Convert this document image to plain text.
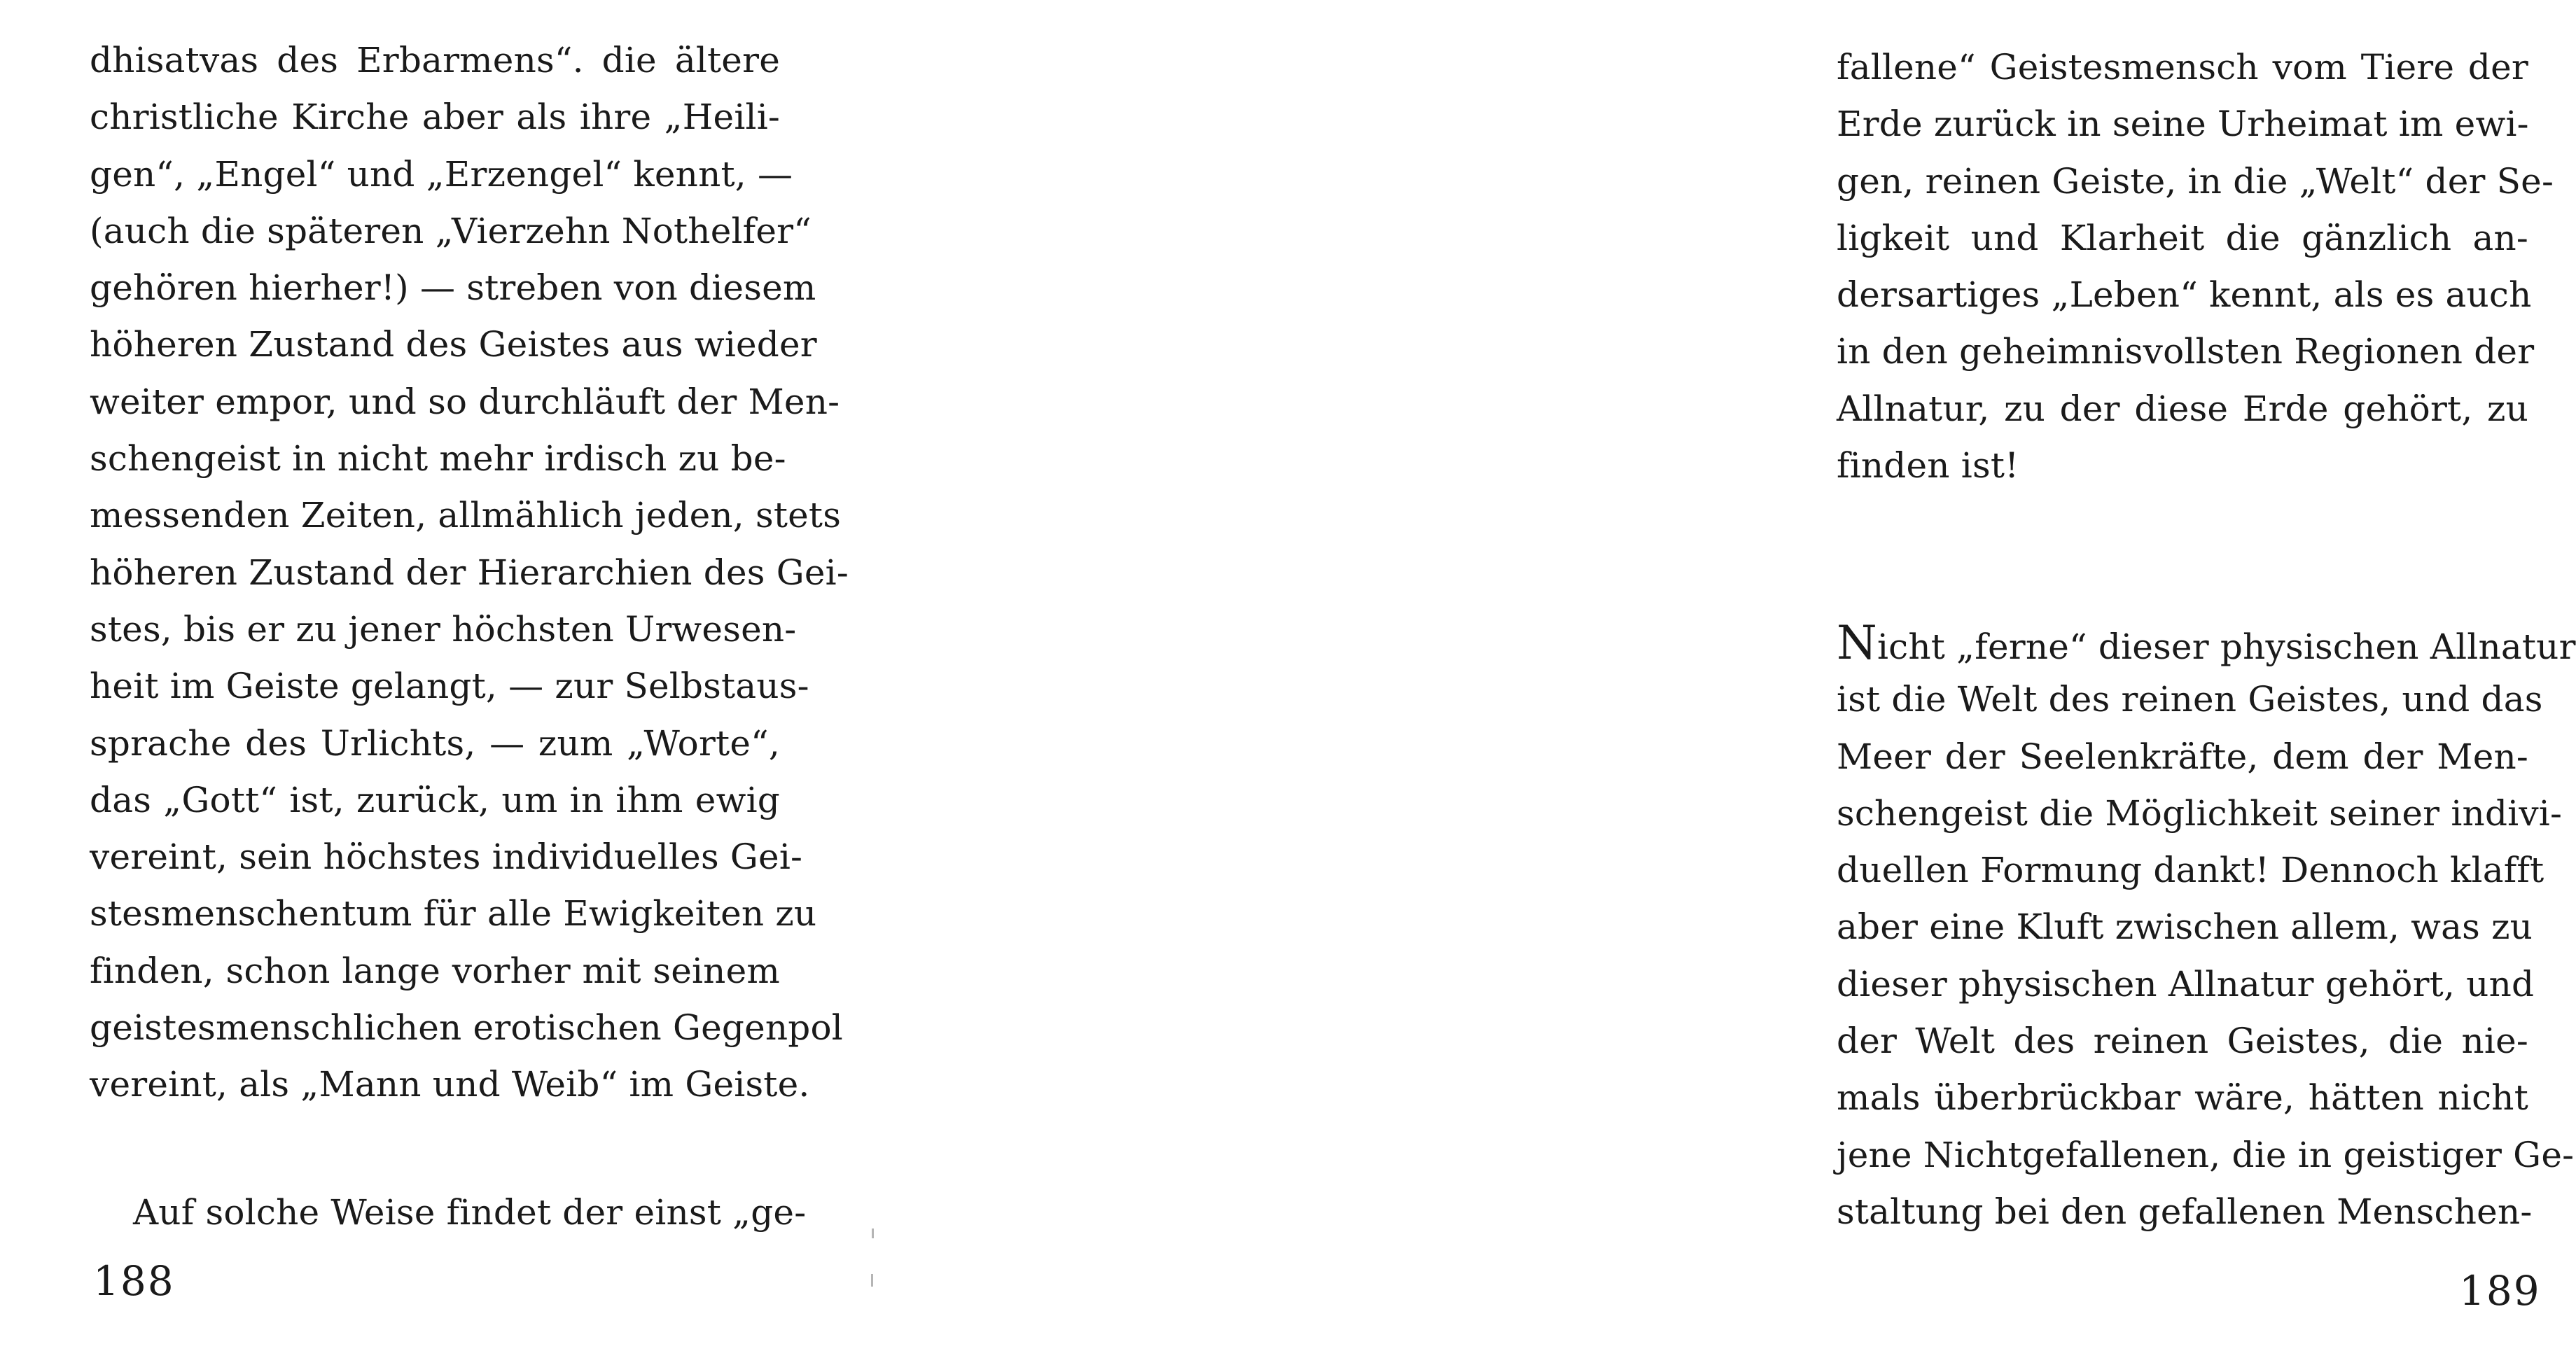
dhisatvas des Erbarmens“. die ältere
christliche Kirche aber als ihre „Heili-
gen“, „Engel“ und „Erzengel“ kennt, —
(auch die späteren „Vierzehn Nothelfer“
gehören hierher!) — streben von diesem
höheren Zustand des Geistes aus wieder
weiter empor, und so durchläuft der Men-
schengeist in nicht mehr irdisch zu be-
messenden Zeiten, allmählich jeden, stets
höheren Zustand der Hierarchien des Gei-
stes, bis er zu jener höchsten Urwesen-
heit im Geiste gelangt, — zur Selbstaus-
sprache des Urlichts, — zum „Worte“,
das „Gott“ ist, zurück, um in ihm ewig
vereint, sein höchstes individuelles Gei-
stesmenschentum für alle Ewigkeiten zu
finden, schon lange vorher mit seinem
geistesmenschlichen erotischen Gegenpol
vereint, als „Mann und Weib“ im Geiste.
Auf solche Weise findet der einst „ge-
188
fallene“ Geistesmensch vom Tiere der
Erde zurück in seine Urheimat im ewi-
gen, reinen Geiste, in die „Welt“ der Se-
ligkeit und Klarheit die gänzlich an-
dersartiges „Leben“ kennt, als es auch
in den geheimnisvollsten Regionen der
Allnatur, zu der diese Erde gehört, zu
finden ist!
Nicht „ferne“ dieser physischen Allnatur
ist die Welt des reinen Geistes, und das
Meer der Seelenkräfte, dem der Men-
schengeist die Möglichkeit seiner indivi-
duellen Formung dankt! Dennoch klafft
aber eine Kluft zwischen allem, was zu
dieser physischen Allnatur gehört, und
der Welt des reinen Geistes, die nie-
mals überbrückbar wäre, hätten nicht
jene Nichtgefallenen, die in geistiger Ge-
staltung bei den gefallenen Menschen-
189
